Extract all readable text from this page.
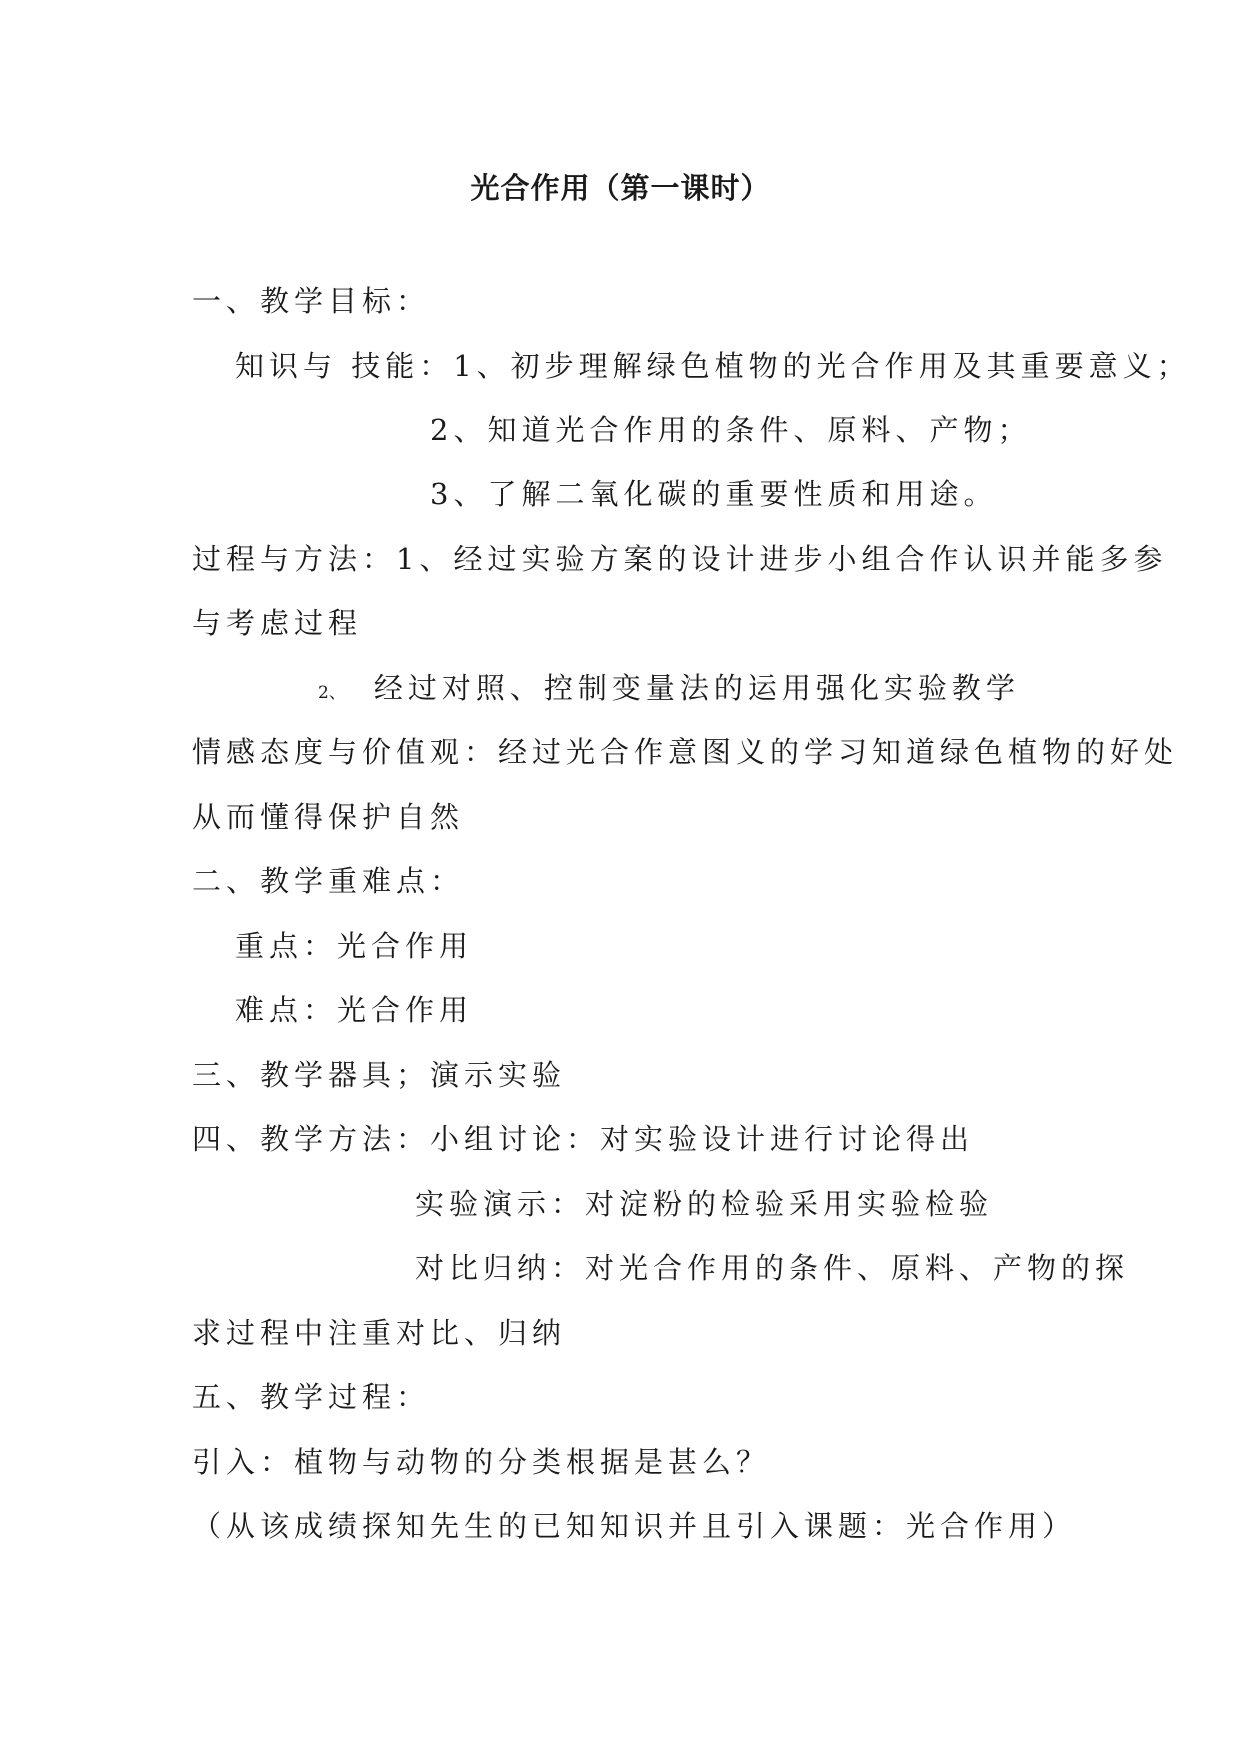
光合作用（第一课时）
一、教学目标：
知识与 技能：1、初步理解绿色植物的光合作用及其重要意义；
2、知道光合作用的条件、原料、产物；
3、了解二氧化碳的重要性质和用途。
过程与方法：1、经过实验方案的设计进步小组合作认识并能多参
与考虑过程
2、 经过对照、控制变量法的运用强化实验教学
情感态度与价值观：经过光合作意图义的学习知道绿色植物的好处
从而懂得保护自然
二、教学重难点：
重点：光合作用
难点：光合作用
三、教学器具；演示实验
四、教学方法：小组讨论：对实验设计进行讨论得出
实验演示：对淀粉的检验采用实验检验
对比归纳：对光合作用的条件、原料、产物的探
求过程中注重对比、归纳
五、教学过程：
引入：植物与动物的分类根据是甚么？
（从该成绩探知先生的已知知识并且引入课题：光合作用）
